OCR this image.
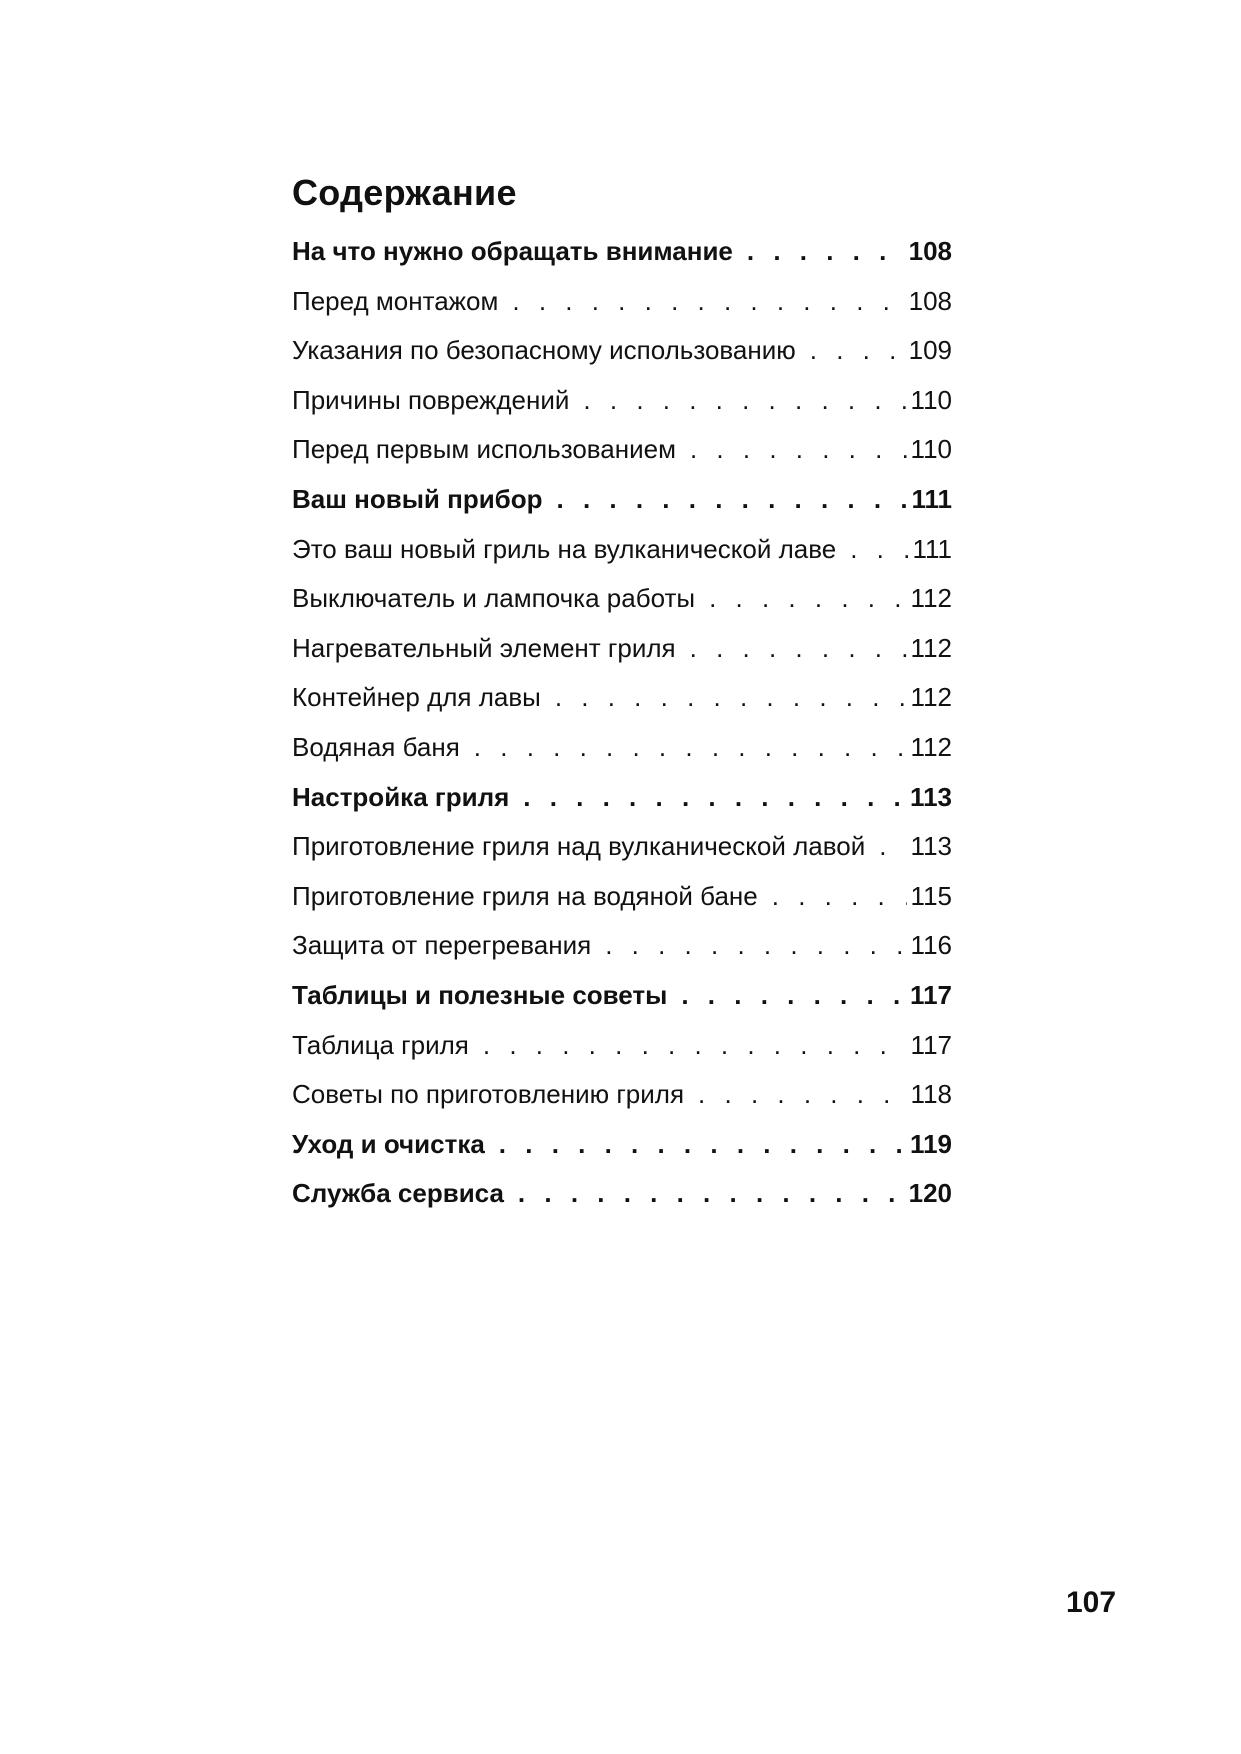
Содержание
На что нужно обращать внимание . . .	108
Перед монтажом . . .	108
Указания по безопасному использованию . . .	109
Причины повреждений . . .	110
Перед первым использованием . . .	110
Ваш новый прибор . . .	111
Это ваш новый гриль на вулканической лаве . . .	111
Выключатель и лампочка работы . . .	112
Нагревательный элемент гриля . . .	112
Контейнер для лавы . . .	112
Водяная баня . . .	112
Настройка гриля . . .	113
Приготовление гриля над вулканической лавой . . . 113
Приготовление гриля на водяной бане . . .	115
Защита от перегревания . . .	116
Таблицы и полезные советы . . .	117
Таблица гриля . . .	117
Советы по приготовлению гриля . . .	118
Уход и очистка . . .	119
Служба сервиса . . .	120
107
